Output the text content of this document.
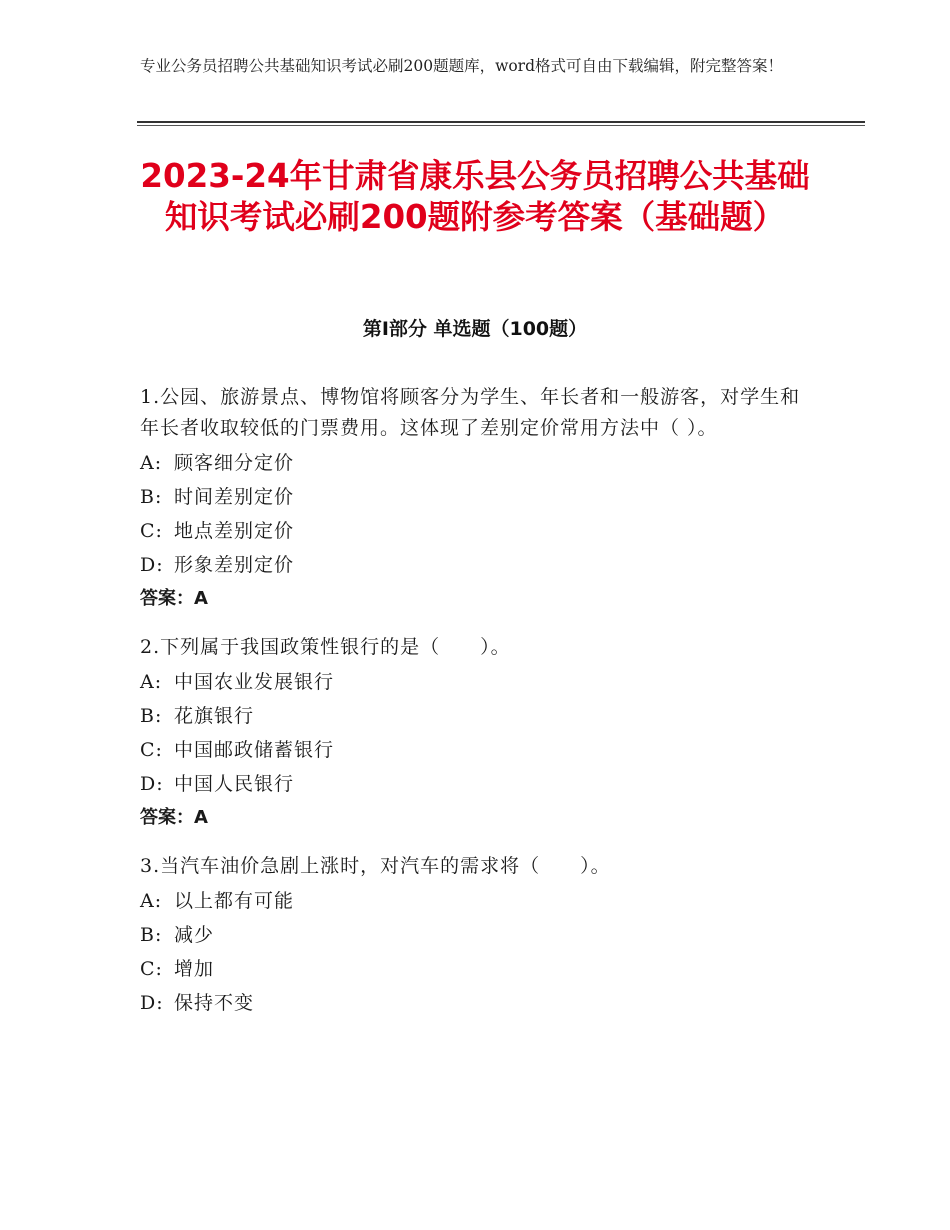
专业公务员招聘公共基础知识考试必刷200题题库，word格式可自由下载编辑，附完整答案！
2023-24年甘肃省康乐县公务员招聘公共基础知识考试必刷200题附参考答案（基础题）
第Ⅰ部分 单选题（100题）
1.公园、旅游景点、博物馆将顾客分为学生、年长者和一般游客，对学生和年长者收取较低的门票费用。这体现了差别定价常用方法中（ ）。
A: 顾客细分定价
B: 时间差别定价
C: 地点差别定价
D: 形象差别定价
答案：A
2.下列属于我国政策性银行的是（　　）。
A: 中国农业发展银行
B: 花旗银行
C: 中国邮政储蓄银行
D: 中国人民银行
答案：A
3.当汽车油价急剧上涨时，对汽车的需求将（　　）。
A: 以上都有可能
B: 减少
C: 增加
D: 保持不变
